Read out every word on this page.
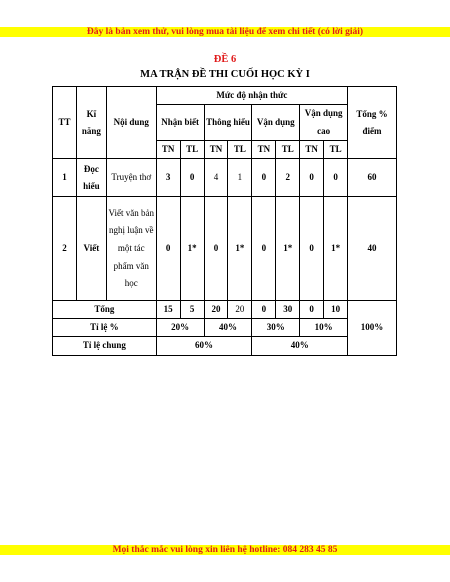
Đây là bản xem thử, vui lòng mua tài liệu để xem chi tiết (có lời giải)
ĐỀ 6
MA TRẬN ĐỀ THI CUỐI HỌC KỲ I
TT	Kĩ năng	Nội dung	Mức độ nhận thức								Tổng % điểm
			Nhận biết		Thông hiểu		Vận dụng		Vận dụng cao		
			TN	TL	TN	TL	TN	TL	TN	TL	
1	Đọc hiểu	Truyện thơ	3	0	4	1	0	2	0	0	60
2	Viết	Viết văn bản nghị luận về một tác phẩm văn học	0	1*	0	1*	0	1*	0	1*	40
Tổng			15	5	20	20	0	30	0	10	100%
Tỉ lệ %			20%		40%		30%		10%		
Tỉ lệ chung			60%				40%				
Mọi thắc mắc vui lòng xin liên hệ hotline: 084 283 45 85
